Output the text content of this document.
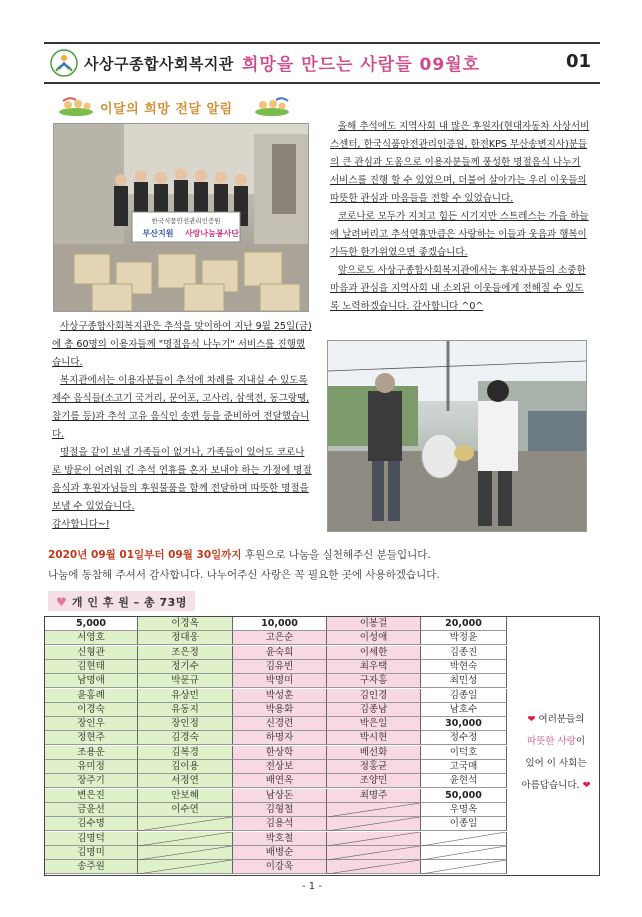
사상구종합사회복지관 희망을 만드는 사람들 09월호	01
이달의 희망 전달 알림
한국식품안전관리인증원
부산지원 사랑나눔봉사단
올해 추석에도 지역사회 내 많은 후원자(현대자동차 사상서비스센터, 한국식품안전관리인증원, 한전KPS 부산송변지사)분들의 큰 관심과 도움으로 이용자분들께 풍성한 명절음식 나누기 서비스를 진행 할 수 있었으며, 더불어 살아가는 우리 이웃들의 따뜻한 관심과 마음들을 전할 수 있었습니다.
코로나로 모두가 지치고 힘든 시기지만 스트레스는 가을 하늘에 날려버리고 추석연휴만큼은 사랑하는 이들과 웃음과 행복이 가득한 한가위였으면 좋겠습니다.
앞으로도 사상구종합사회복지관에서는 후원자분들의 소중한 마음과 관심을 지역사회 내 소외된 이웃들에게 전해질 수 있도록 노력하겠습니다. 감사합니다 ^0^
사상구종합사회복지관은 추석을 맞이하여 지난 9월 25일(금)에 총 60명의 이용자들께 "명절음식 나누기" 서비스를 진행했습니다.
복지관에서는 이용자분들이 추석에 차례를 지내실 수 있도록 제수 음식들(소고기 국거리, 문어포, 고사리, 삼색전, 동그랑땡, 참기름 등)과 추석 고유 음식인 송편 등을 준비하여 전달했습니다.
명절을 같이 보낼 가족들이 없거나, 가족들이 있어도 코로나로 방문이 어려워 긴 추석 연휴를 혼자 보내야 하는 가정에 명절음식과 후원자님들의 후원물품을 함께 전달하며 따뜻한 명절을 보낼 수 있었습니다.
감사합니다~!
2020년 09월 01일부터 09월 30일까지 후원으로 나눔을 실천해주신 분들입니다.
나눔에 동참해 주셔서 감사합니다. 나누어주신 사랑은 꼭 필요한 곳에 사용하겠습니다.
♥ 개 인 후 원 – 총 73명
5,000
서영호
신형관
김현태
남명애
윤홍례
이경숙
장인우
정현주
조용운
유미정
장주기
변은진
금윤선
김수명
김명덕
김명미
송주원
이경옥
정대웅
조은정
정기수
박문규
유상민
유동지
장인정
김경숙
김복경
김이용
서정연
안보혜
이수연
10,000
고은순
윤숙희
김유빈
박명미
박성훈
박용화
신경련
하명자
한상학
전상보
배연옥
남상돈
김형철
김용석
박호철
배병순
이강욱
이봉걸
이성애
이세한
최우택
구자홍
김인경
김종남
박은일
박시현
배선화
정홍균
조양민
최명주
20,000
박정윤
김종진
박현숙
최민성
김종일
남호수
30,000
정수정
이덕호
고국매
윤현석
50,000
우명옥
이종일
❤ 여러분들의
따뜻한 사랑이
있어 이 사회는
아름답습니다. ❤
- 1 -
